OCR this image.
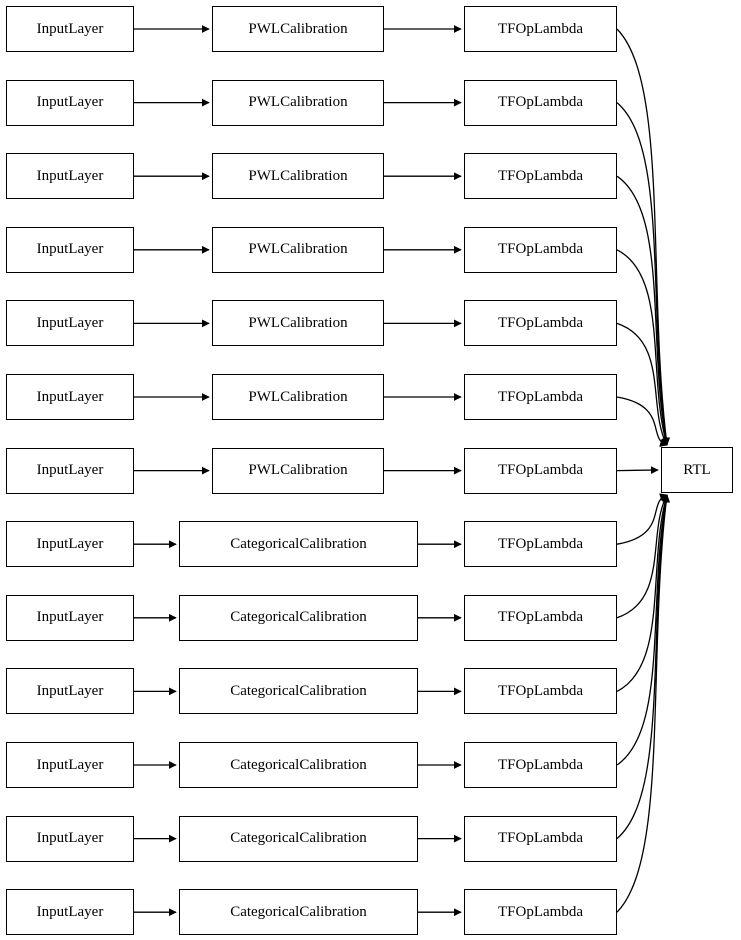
InputLayer	PWLCalibration	TFOpLambda
InputLayer	PWLCalibration	TFOpLambda
InputLayer	PWLCalibration	TFOpLambda
InputLayer	PWLCalibration	TFOpLambda
InputLayer	PWLCalibration	TFOpLambda
InputLayer	PWLCalibration	TFOpLambda
InputLayer	PWLCalibration	TFOpLambda
InputLayer	CategoricalCalibration	TFOpLambda
InputLayer	CategoricalCalibration	TFOpLambda
InputLayer	CategoricalCalibration	TFOpLambda
InputLayer	CategoricalCalibration	TFOpLambda
InputLayer	CategoricalCalibration	TFOpLambda
InputLayer	CategoricalCalibration	TFOpLambda
RTL
